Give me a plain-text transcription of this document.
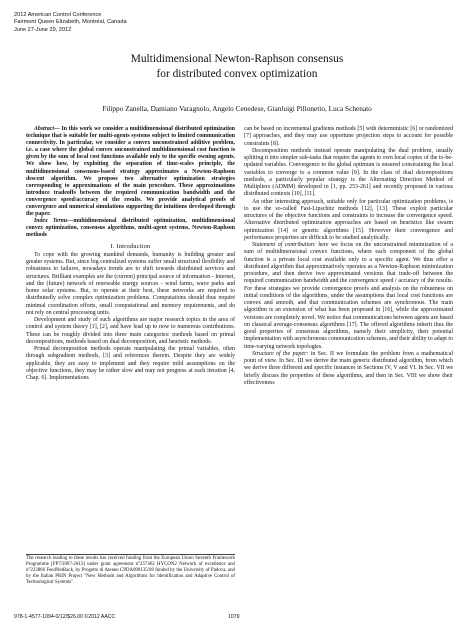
2012 American Control Conference
Fairmont Queen Elizabeth, Montréal, Canada
June 27-June 29, 2012
Multidimensional Newton-Raphson consensus
for distributed convex optimization
Filippo Zanella, Damiano Varagnolo, Angelo Cenedese, Gianluigi Pillonetto, Luca Schenato

Abstract— In this work we consider a multidimensional distributed optimization technique that is suitable for multi-agents systems subject to limited communication connectivity. In particular, we consider a convex unconstrained additive problem, i.e. a case where the global convex unconstrained multidimensional cost function is given by the sum of local cost functions available only to the specific owning agents. We show how, by exploiting the separation of time-scales principle, the multidimensional consensus-based strategy approximates a Newton-Raphson descent algorithm. We propose two alternative optimization strategies corresponding to approximations of the main procedure. These approximations introduce tradeoffs between the required communication bandwidth and the convergence speed/accuracy of the results. We provide analytical proofs of convergence and numerical simulations supporting the intuitions developed through the paper.

Index Terms—multidimensional distributed optimization, multidimensional convex optimization, consensus algorithms, multi-agent systems, Newton-Raphson methods

I. Introduction

To cope with the growing mankind demands, humanity is building greater and greater systems. But, since big centralized systems suffer small structural flexibility and robustness to failures, nowadays trends are to shift towards distributed services and structures. Brilliant examples are the (current) principal source of information - Internet, and the (future) network of renewable energy sources - wind farms, wave parks and home solar systems. But, to operate at their best, these networks are required to distributedly solve complex optimization problems. Computations should thus require minimal coordination efforts, small computational and memory requirements, and do not rely on central processing units.

Development and study of such algorithms are major research topics in the area of control and system theory [1], [2], and have lead up to now to numerous contributions. These can be roughly divided into three main categories: methods based on primal decompositions, methods based on dual decomposition, and heuristic methods.

Primal decomposition methods operate manipulating the primal variables, often through subgradient methods, [3] and references therein. Despite they are widely applicable, they are easy to implement and they require mild assumptions on the objective functions, they may be rather slow and may not progress at each iteration [4, Chap. 6]. Implementations

The research leading to these results has received funding from the European Union Seventh Framework Programme [FP7/2007-2013] under grant agreement n°257462 HYCON2 Network of excellence and n°223866 FeedNetBack, by Progetto di Ateneo CPDA090135/09 funded by the University of Padova, and by the Italian PRIN Project "New Methods and Algorithms for Identification and Adaptive Control of Technological Systems".

can be based on incremental gradients methods [5] with deterministic [6] or randomized [7] approaches, and they may use opportune projection steps to account for possible constraints [8].

Decomposition methods instead operate manipulating the dual problem, usually splitting it into simpler sub-tasks that require the agents to own local copies of the to-be-updated variables. Convergence to the global optimum is ensured constraining the local variables to converge to a common value [9]. In the class of dual decompositions methods, a particularly popular strategy is the Alternating Direction Method of Multipliers (ADMM) developed in [1, pp. 253-261] and recently proposed in various distributed contexts [10], [11].

An other interesting approach, suitable only for particular optimization problems, is to use the so-called Fast-Lipschitz methods [12], [13]. These exploit particular structures of the objective functions and constraints to increase the convergence speed. Alternative distributed optimization approaches are based on heuristics like swarm optimization [14] or genetic algorithms [15]. However their convergence and performance properties are difficult to be studied analytically.

Statement of contribution: here we focus on the unconstrained minimization of a sum of multidimensional convex functions, where each component of the global function is a private local cost available only to a specific agent. We thus offer a distributed algorithm that approximatively operates as a Newton-Raphson minimization procedure, and then derive two approximated versions that trade-off between the required communication bandwidth and the convergence speed / accuracy of the results. For these strategies we provide convergence proofs and analysis on the robustness on initial conditions of the algorithms, under the assumptions that local cost functions are convex and smooth, and that communication schemes are synchronous. The main algorithm is an extension of what has been proposed in [16], while the approximated versions are completely novel. We notice that communications between agents are based on classical average-consensus algorithms [17]. The offered algorithms inherit thus the good properties of consensus algorithms, namely their simplicity, their potential implementation with asynchronous communication schemes, and their ability to adapt to time-varying network topologies.

Structure of the paper: in Sec. II we formulate the problem from a mathematical point of view. In Sec. III we derive the main generic distributed algorithm, from which we derive three different and specific instances in Sections IV, V and VI. In Sec. VII we briefly discuss the properties of these algorithms, and then in Sec. VIII we show their effectiveness

978-1-4577-1094-0/12/$26.00 ©2012 AACC	1079
